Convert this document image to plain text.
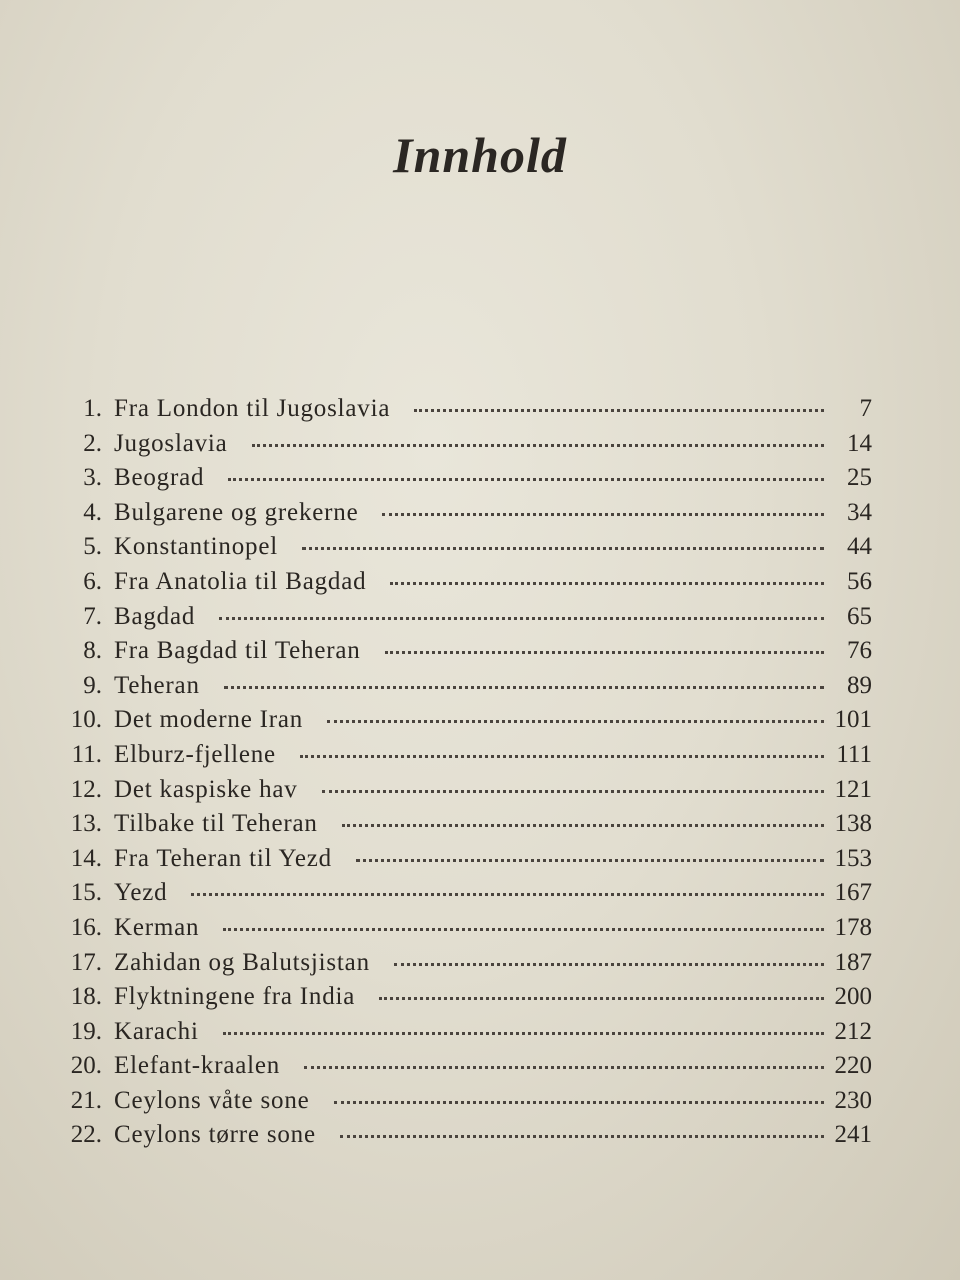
Innhold
1. Fra London til Jugoslavia	7
2. Jugoslavia	14
3. Beograd	25
4. Bulgarene og grekerne	34
5. Konstantinopel	44
6. Fra Anatolia til Bagdad	56
7. Bagdad	65
8. Fra Bagdad til Teheran	76
9. Teheran	89
10. Det moderne Iran	101
11. Elburz-fjellene	111
12. Det kaspiske hav	121
13. Tilbake til Teheran	138
14. Fra Teheran til Yezd	153
15. Yezd	167
16. Kerman	178
17. Zahidan og Balutsjistan	187
18. Flyktningene fra India	200
19. Karachi	212
20. Elefant-kraalen	220
21. Ceylons våte sone	230
22. Ceylons tørre sone	241
